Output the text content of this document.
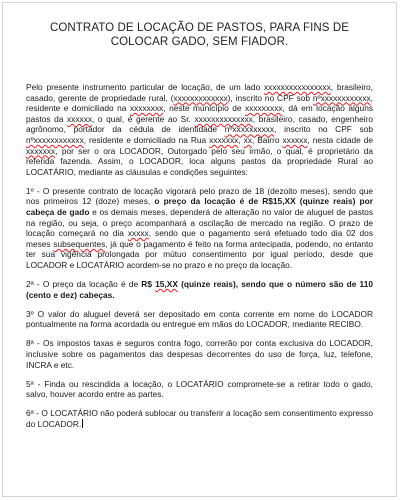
CONTRATO DE LOCAÇÃO DE PASTOS, PARA FINS DE
COLOCAR GADO, SEM FIADOR.

Pelo presente instrumento particular de locação, de um lado xxxxxxxxxxxxxxxx, brasileiro, casado, gerente de propriedade rural, (xxxxxxxxxxxxx), inscrito no CPF sob nºxxxxxxxxxxxx, residente e domiciliado na xxxxxxxx, neste município de xxxxxxxxx, dá em locação alguns pastos da xxxxxx, o qual, é gerente ao Sr. xxxxxxxxxxxxxx, brasileiro, casado, engenheiro agrônomo, portador da cédula de identidade nºxxxxxxxxxx, inscrito no CPF sob nºxxxxxxxxxxxx, residente e domiciliado na Rua xxxxxxx, xx, Bairro xxxxxx, nesta cidade de xxxxxxx, por ser o ora LOCADOR, Outorgado pelo seu irmão, o qual, é proprietário da referida fazenda. Assim, o LOCADOR, loca alguns pastos da propriedade Rural ao LOCATÁRIO, mediante as cláusulas e condições seguintes:

1º - O presente contrato de locação vigorará pelo prazo de 18 (dezoito meses), sendo que nos primeiros 12 (doze) meses, o preço da locação é de R$15,XX (quinze reais) por cabeça de gado e os demais meses, dependerá de alteração no valor de aluguel de pastos na região, ou seja, o preço acompanhará a oscilação de mercado na região. O prazo de locação começará no dia xxxxx, sendo que o pagamento será efetuado todo dia 02 dos meses subsequentes, já que o pagamento é feito na forma antecipada, podendo, no entanto ter sua vigência prolongada por mútuo consentimento por igual período, desde que LOCADOR e LOCATÁRIO acordem-se no prazo e no preço da locação.

2ª - O preço da locação é de R$ 15,XX (quinze reais), sendo que o número são de 110 (cento e dez) cabeças.

3º O valor do aluguel deverá ser depositado em conta corrente em nome do LOCADOR pontualmente na forma acordada ou entregue em mãos do LOCADOR, mediante RECIBO.

8ª - Os impostos taxas e seguros contra fogo, correrão por conta exclusiva do LOCADOR, inclusive sobre os pagamentos das despesas decorrentes do uso de força, luz, telefone, INCRA e etc.

5ª - Finda ou rescindida a locação, o LOCATÁRIO compromete-se a retirar todo o gado, salvo, houver acordo entre as partes.

6ª - O LOCATÁRIO não poderá sublocar ou transferir a locação sem consentimento expresso do LOCADOR.
